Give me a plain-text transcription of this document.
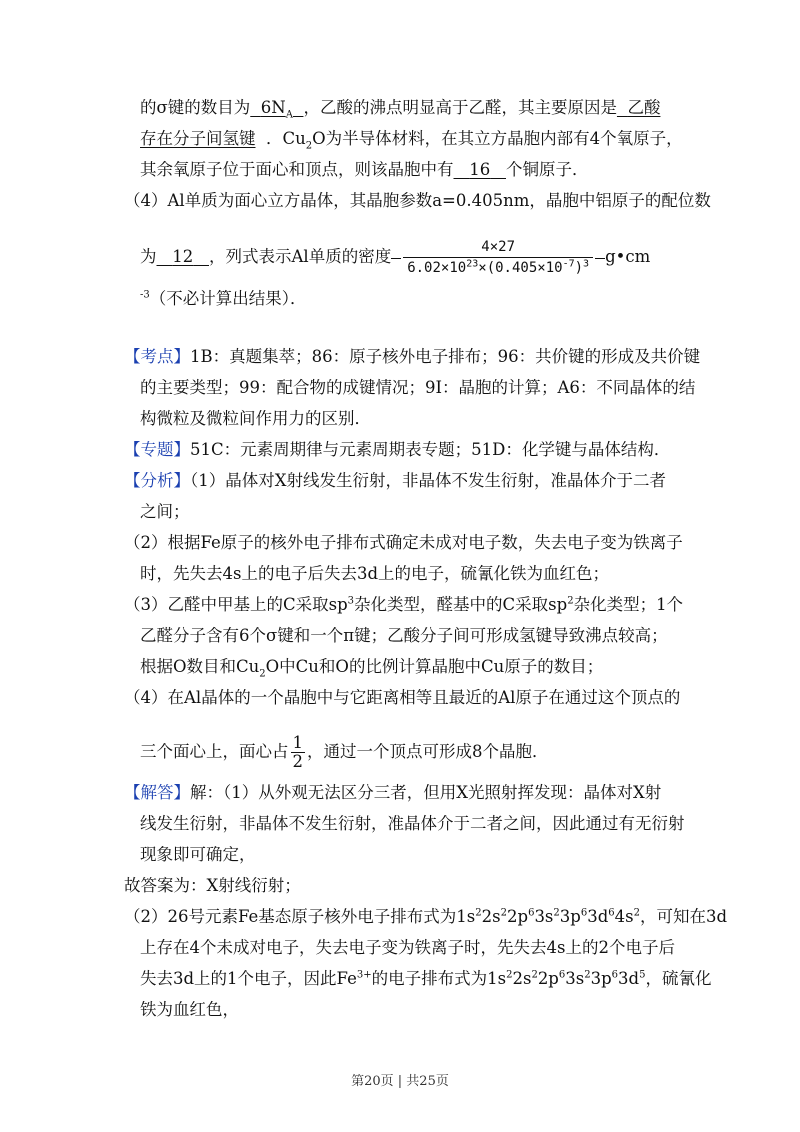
的σ键的数目为 $6N_A$ ，乙酸的沸点明显高于乙醛，其主要原因是 乙酸
存在分子间氢键 ．$Cu_2O$为半导体材料，在其立方晶胞内部有4个氧原子，
其余氧原子位于面心和顶点，则该晶胞中有 16 个铜原子．
（4）Al单质为面心立方晶体，其晶胞参数a=0.405nm，晶胞中铝原子的配位数
为 12 ，列式表示Al单质的密度 $\frac{4\times 27}{6.02\times 10^{23}\times(0.405\times 10^{-7})^3}$ g•cm
$^{-3}$（不必计算出结果）．
【考点】1B：真题集萃；86：原子核外电子排布；96：共价键的形成及共价键
的主要类型；99：配合物的成键情况；9I：晶胞的计算；A6：不同晶体的结
构微粒及微粒间作用力的区别．
【专题】51C：元素周期律与元素周期表专题；51D：化学键与晶体结构．
【分析】（1）晶体对X射线发生衍射，非晶体不发生衍射，准晶体介于二者
之间；
（2）根据Fe原子的核外电子排布式确定未成对电子数，失去电子变为铁离子
时，先失去4s上的电子后失去3d上的电子，硫氰化铁为血红色；
（3）乙醛中甲基上的C采取$sp^3$杂化类型，醛基中的C采取$sp^2$杂化类型；1个
乙醛分子含有6个σ键和一个π键；乙酸分子间可形成氢键导致沸点较高；
根据O数目和$Cu_2O$中Cu和O的比例计算晶胞中Cu原子的数目；
（4）在Al晶体的一个晶胞中与它距离相等且最近的Al原子在通过这个顶点的
三个面心上，面心占 $\frac{1}{2}$ ，通过一个顶点可形成8个晶胞．
【解答】解：（1）从外观无法区分三者，但用X光照射挥发现：晶体对X射
线发生衍射，非晶体不发生衍射，准晶体介于二者之间，因此通过有无衍射
现象即可确定，
故答案为：X射线衍射；
（2）26号元素Fe基态原子核外电子排布式为$1s^22s^22p^63s^23p^63d^64s^2$，可知在3d
上存在4个未成对电子，失去电子变为铁离子时，先失去4s上的2个电子后
失去3d上的1个电子，因此$Fe^{3+}$的电子排布式为$1s^22s^22p^63s^23p^63d^5$，硫氰化
铁为血红色，
第20页 | 共25页
